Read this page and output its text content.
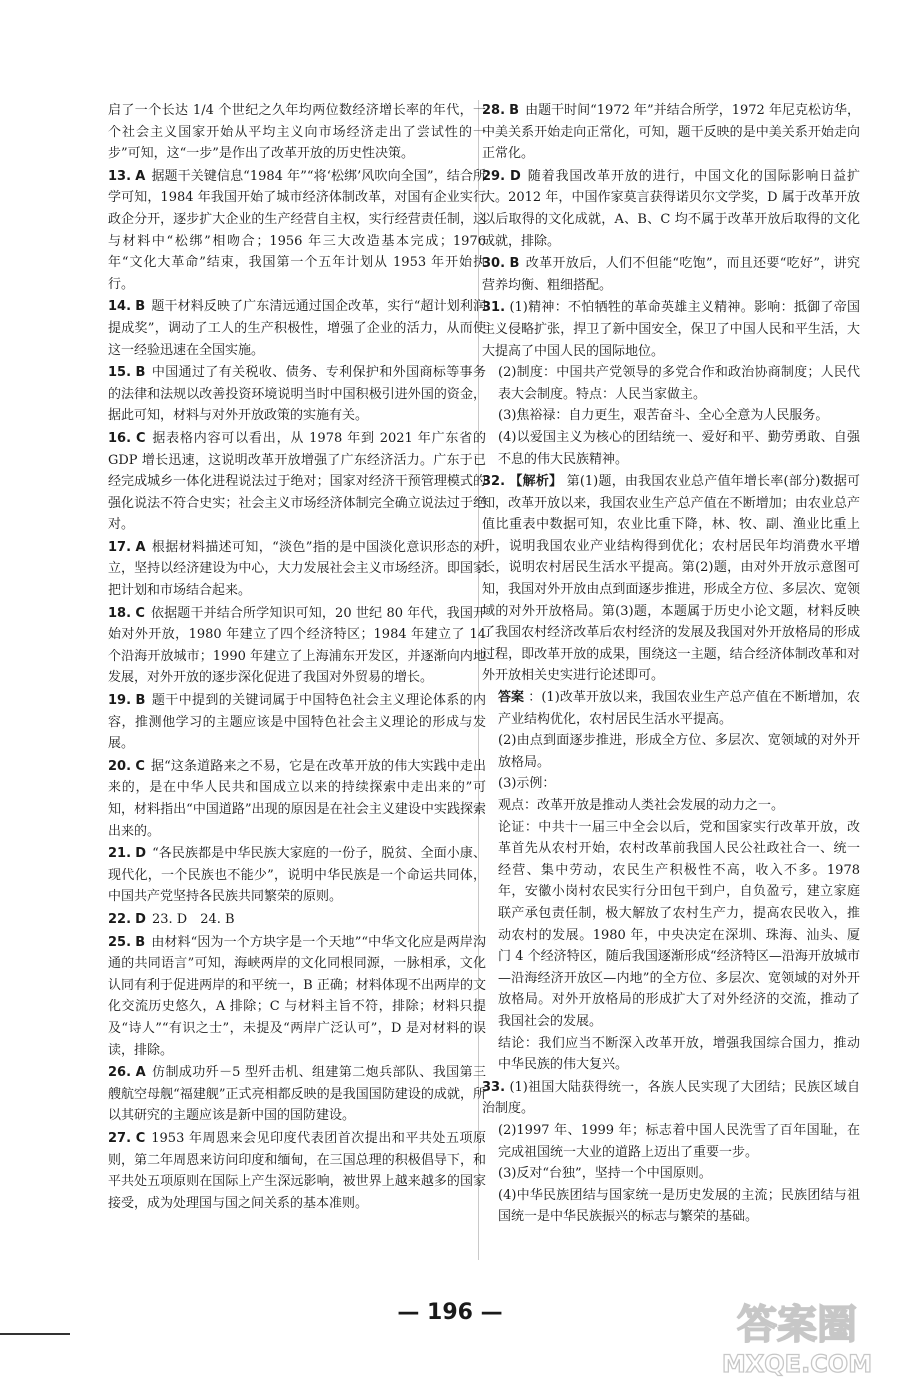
启了一个长达 1/4 个世纪之久年均两位数经济增长率的年代，一个社会主义国家开始从平均主义向市场经济走出了尝试性的一步”可知，这“一步”是作出了改革开放的历史性决策。
13. A 据题干关键信息“1984 年”“将‘松绑’风吹向全国”，结合所学可知，1984 年我国开始了城市经济体制改革，对国有企业实行政企分开，逐步扩大企业的生产经营自主权，实行经营责任制，这与材料中“松绑”相吻合；1956 年三大改造基本完成；1976 年“文化大革命”结束，我国第一个五年计划从 1953 年开始执行。
14. B 题干材料反映了广东清远通过国企改革，实行“超计划利润提成奖”，调动了工人的生产积极性，增强了企业的活力，从而使这一经验迅速在全国实施。
15. B 中国通过了有关税收、债务、专利保护和外国商标等事务的法律和法规以改善投资环境说明当时中国积极引进外国的资金，据此可知，材料与对外开放政策的实施有关。
16. C 据表格内容可以看出，从 1978 年到 2021 年广东省的 GDP 增长迅速，这说明改革开放增强了广东经济活力。广东于已经完成城乡一体化进程说法过于绝对；国家对经济干预管理模式的强化说法不符合史实；社会主义市场经济体制完全确立说法过于绝对。
17. A 根据材料描述可知，“淡色”指的是中国淡化意识形态的对立，坚持以经济建设为中心，大力发展社会主义市场经济。即国家把计划和市场结合起来。
18. C 依据题干并结合所学知识可知，20 世纪 80 年代，我国开始对外开放，1980 年建立了四个经济特区；1984 年建立了 14 个沿海开放城市；1990 年建立了上海浦东开发区，并逐渐向内地发展，对外开放的逐步深化促进了我国对外贸易的增长。
19. B 题干中提到的关键词属于中国特色社会主义理论体系的内容，推测他学习的主题应该是中国特色社会主义理论的形成与发展。
20. C 据“这条道路来之不易，它是在改革开放的伟大实践中走出来的，是在中华人民共和国成立以来的持续探索中走出来的”可知，材料指出“中国道路”出现的原因是在社会主义建设中实践探索出来的。
21. D “各民族都是中华民族大家庭的一份子，脱贫、全面小康、现代化，一个民族也不能少”，说明中华民族是一个命运共同体，中国共产党坚持各民族共同繁荣的原则。
22. D 23. D　24. B
25. B 由材料“因为一个方块字是一个天地”“中华文化应是两岸沟通的共同语言”可知，海峡两岸的文化同根同源，一脉相承，文化认同有利于促进两岸的和平统一，B 正确；材料体现不出两岸的文化交流历史悠久，A 排除；C 与材料主旨不符，排除；材料只提及“诗人”“有识之士”，未提及“两岸广泛认可”，D 是对材料的误读，排除。
26. A 仿制成功歼－5 型歼击机、组建第二炮兵部队、我国第三艘航空母舰“福建舰”正式亮相都反映的是我国国防建设的成就，所以其研究的主题应该是新中国的国防建设。
27. C 1953 年周恩来会见印度代表团首次提出和平共处五项原则，第二年周恩来访问印度和缅甸，在三国总理的积极倡导下，和平共处五项原则在国际上产生深远影响，被世界上越来越多的国家接受，成为处理国与国之间关系的基本准则。
28. B 由题干时间“1972 年”并结合所学，1972 年尼克松访华，中美关系开始走向正常化，可知，题干反映的是中美关系开始走向正常化。
29. D 随着我国改革开放的进行，中国文化的国际影响日益扩大。2012 年，中国作家莫言获得诺贝尔文学奖，D 属于改革开放以后取得的文化成就，A、B、C 均不属于改革开放后取得的文化成就，排除。
30. B 改革开放后，人们不但能“吃饱”，而且还要“吃好”，讲究营养均衡、粗细搭配。
31. (1)精神：不怕牺牲的革命英雄主义精神。影响：抵御了帝国主义侵略扩张，捍卫了新中国安全，保卫了中国人民和平生活，大大提高了中国人民的国际地位。
(2)制度：中国共产党领导的多党合作和政治协商制度；人民代表大会制度。特点：人民当家做主。
(3)焦裕禄：自力更生，艰苦奋斗、全心全意为人民服务。
(4)以爱国主义为核心的团结统一、爱好和平、勤劳勇敢、自强不息的伟大民族精神。
32. 【解析】 第(1)题，由我国农业总产值年增长率(部分)数据可知，改革开放以来，我国农业生产总产值在不断增加；由农业总产值比重表中数据可知，农业比重下降，林、牧、副、渔业比重上升，说明我国农业产业结构得到优化；农村居民年均消费水平增长，说明农村居民生活水平提高。第(2)题，由对外开放示意图可知，我国对外开放由点到面逐步推进，形成全方位、多层次、宽领域的对外开放格局。第(3)题，本题属于历史小论文题，材料反映了我国农村经济改革后农村经济的发展及我国对外开放格局的形成过程，即改革开放的成果，围绕这一主题，结合经济体制改革和对外开放相关史实进行论述即可。
答案 ：(1)改革开放以来，我国农业生产总产值在不断增加，农产业结构优化，农村居民生活水平提高。
(2)由点到面逐步推进，形成全方位、多层次、宽领域的对外开放格局。
(3)示例：
观点：改革开放是推动人类社会发展的动力之一。
论证：中共十一届三中全会以后，党和国家实行改革开放，改革首先从农村开始，农村改革前我国人民公社政社合一、统一经营、集中劳动，农民生产积极性不高，收入不多。1978 年，安徽小岗村农民实行分田包干到户，自负盈亏，建立家庭联产承包责任制，极大解放了农村生产力，提高农民收入，推动农村的发展。1980 年，中央决定在深圳、珠海、汕头、厦门 4 个经济特区，随后我国逐渐形成“经济特区—沿海开放城市—沿海经济开放区—内地”的全方位、多层次、宽领域的对外开放格局。对外开放格局的形成扩大了对外经济的交流，推动了我国社会的发展。
结论：我们应当不断深入改革开放，增强我国综合国力，推动中华民族的伟大复兴。
33. (1)祖国大陆获得统一，各族人民实现了大团结；民族区域自治制度。
(2)1997 年、1999 年；标志着中国人民洗雪了百年国耻，在完成祖国统一大业的道路上迈出了重要一步。
(3)反对“台独”，坚持一个中国原则。
(4)中华民族团结与国家统一是历史发展的主流；民族团结与祖国统一是中华民族振兴的标志与繁荣的基础。
— 196 —	答案圈
MXQE.COM
